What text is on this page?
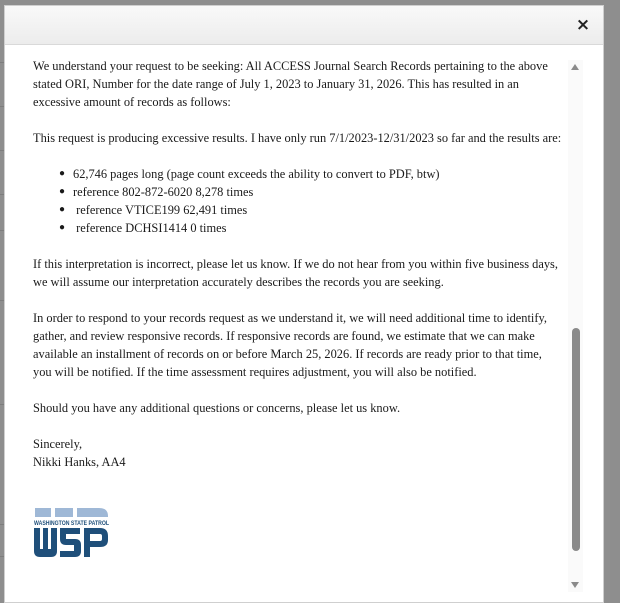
×

We understand your request to be seeking: All ACCESS Journal Search Records pertaining to the above stated ORI, Number for the date range of July 1, 2023 to January 31, 2026. This has resulted in an excessive amount of records as follows:

This request is producing excessive results. I have only run 7/1/2023-12/31/2023 so far and the results are:

● 62,746 pages long (page count exceeds the ability to convert to PDF, btw)
● reference 802-872-6020 8,278 times
● reference VTICE199 62,491 times
● reference DCHSI1414 0 times

If this interpretation is incorrect, please let us know. If we do not hear from you within five business days, we will assume our interpretation accurately describes the records you are seeking.

In order to respond to your records request as we understand it, we will need additional time to identify, gather, and review responsive records. If responsive records are found, we estimate that we can make available an installment of records on or before March 25, 2026. If records are ready prior to that time, you will be notified. If the time assessment requires adjustment, you will also be notified.

Should you have any additional questions or concerns, please let us know.

Sincerely,
Nikki Hanks, AA4

WASHINGTON STATE PATROL
